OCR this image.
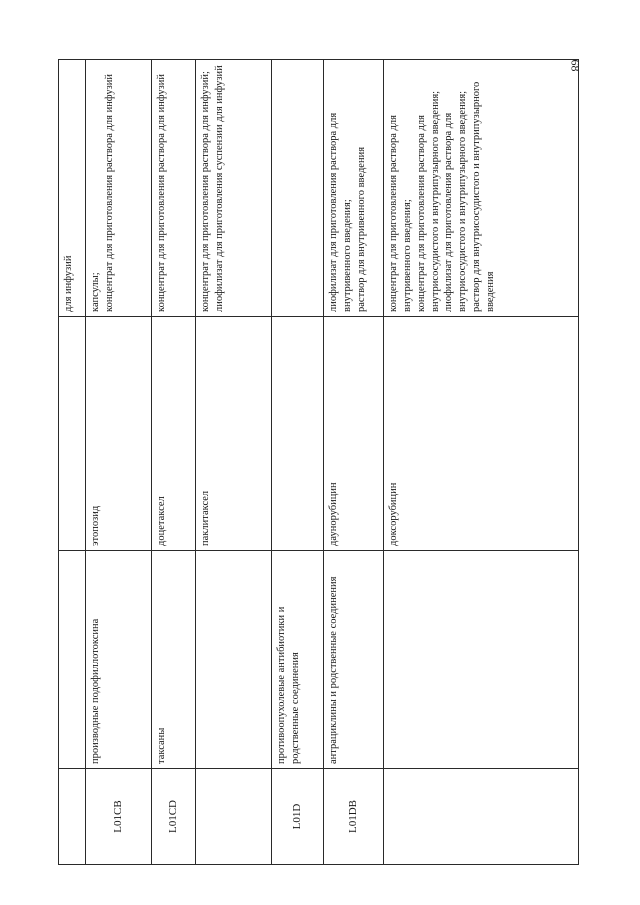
68

			для инфузий

L01CB	производные подофиллотоксина	этопозид	капсулы; концентрат для приготовления раствора для инфузий

L01CD	таксаны	доцетаксел	концентрат для приготовления раствора для инфузий

		паклитаксел	концентрат для приготовления раствора для инфузий; лиофилизат для приготовления суспензии для инфузий

L01D	противоопухолевые антибиотики и родственные соединения		
L01DB	антрациклины и родственные соединения	даунорубицин	лиофилизат для приготовления раствора для внутривенного введения; раствор для внутривенного введения

		доксорубицин	концентрат для приготовления раствора для внутривенного введения; концентрат для приготовления раствора для внутрисосудистого и внутрипузырного введения; лиофилизат для приготовления раствора для внутрисосудистого и внутрипузырного введения; раствор для внутрисосудистого и внутрипузырного введения
